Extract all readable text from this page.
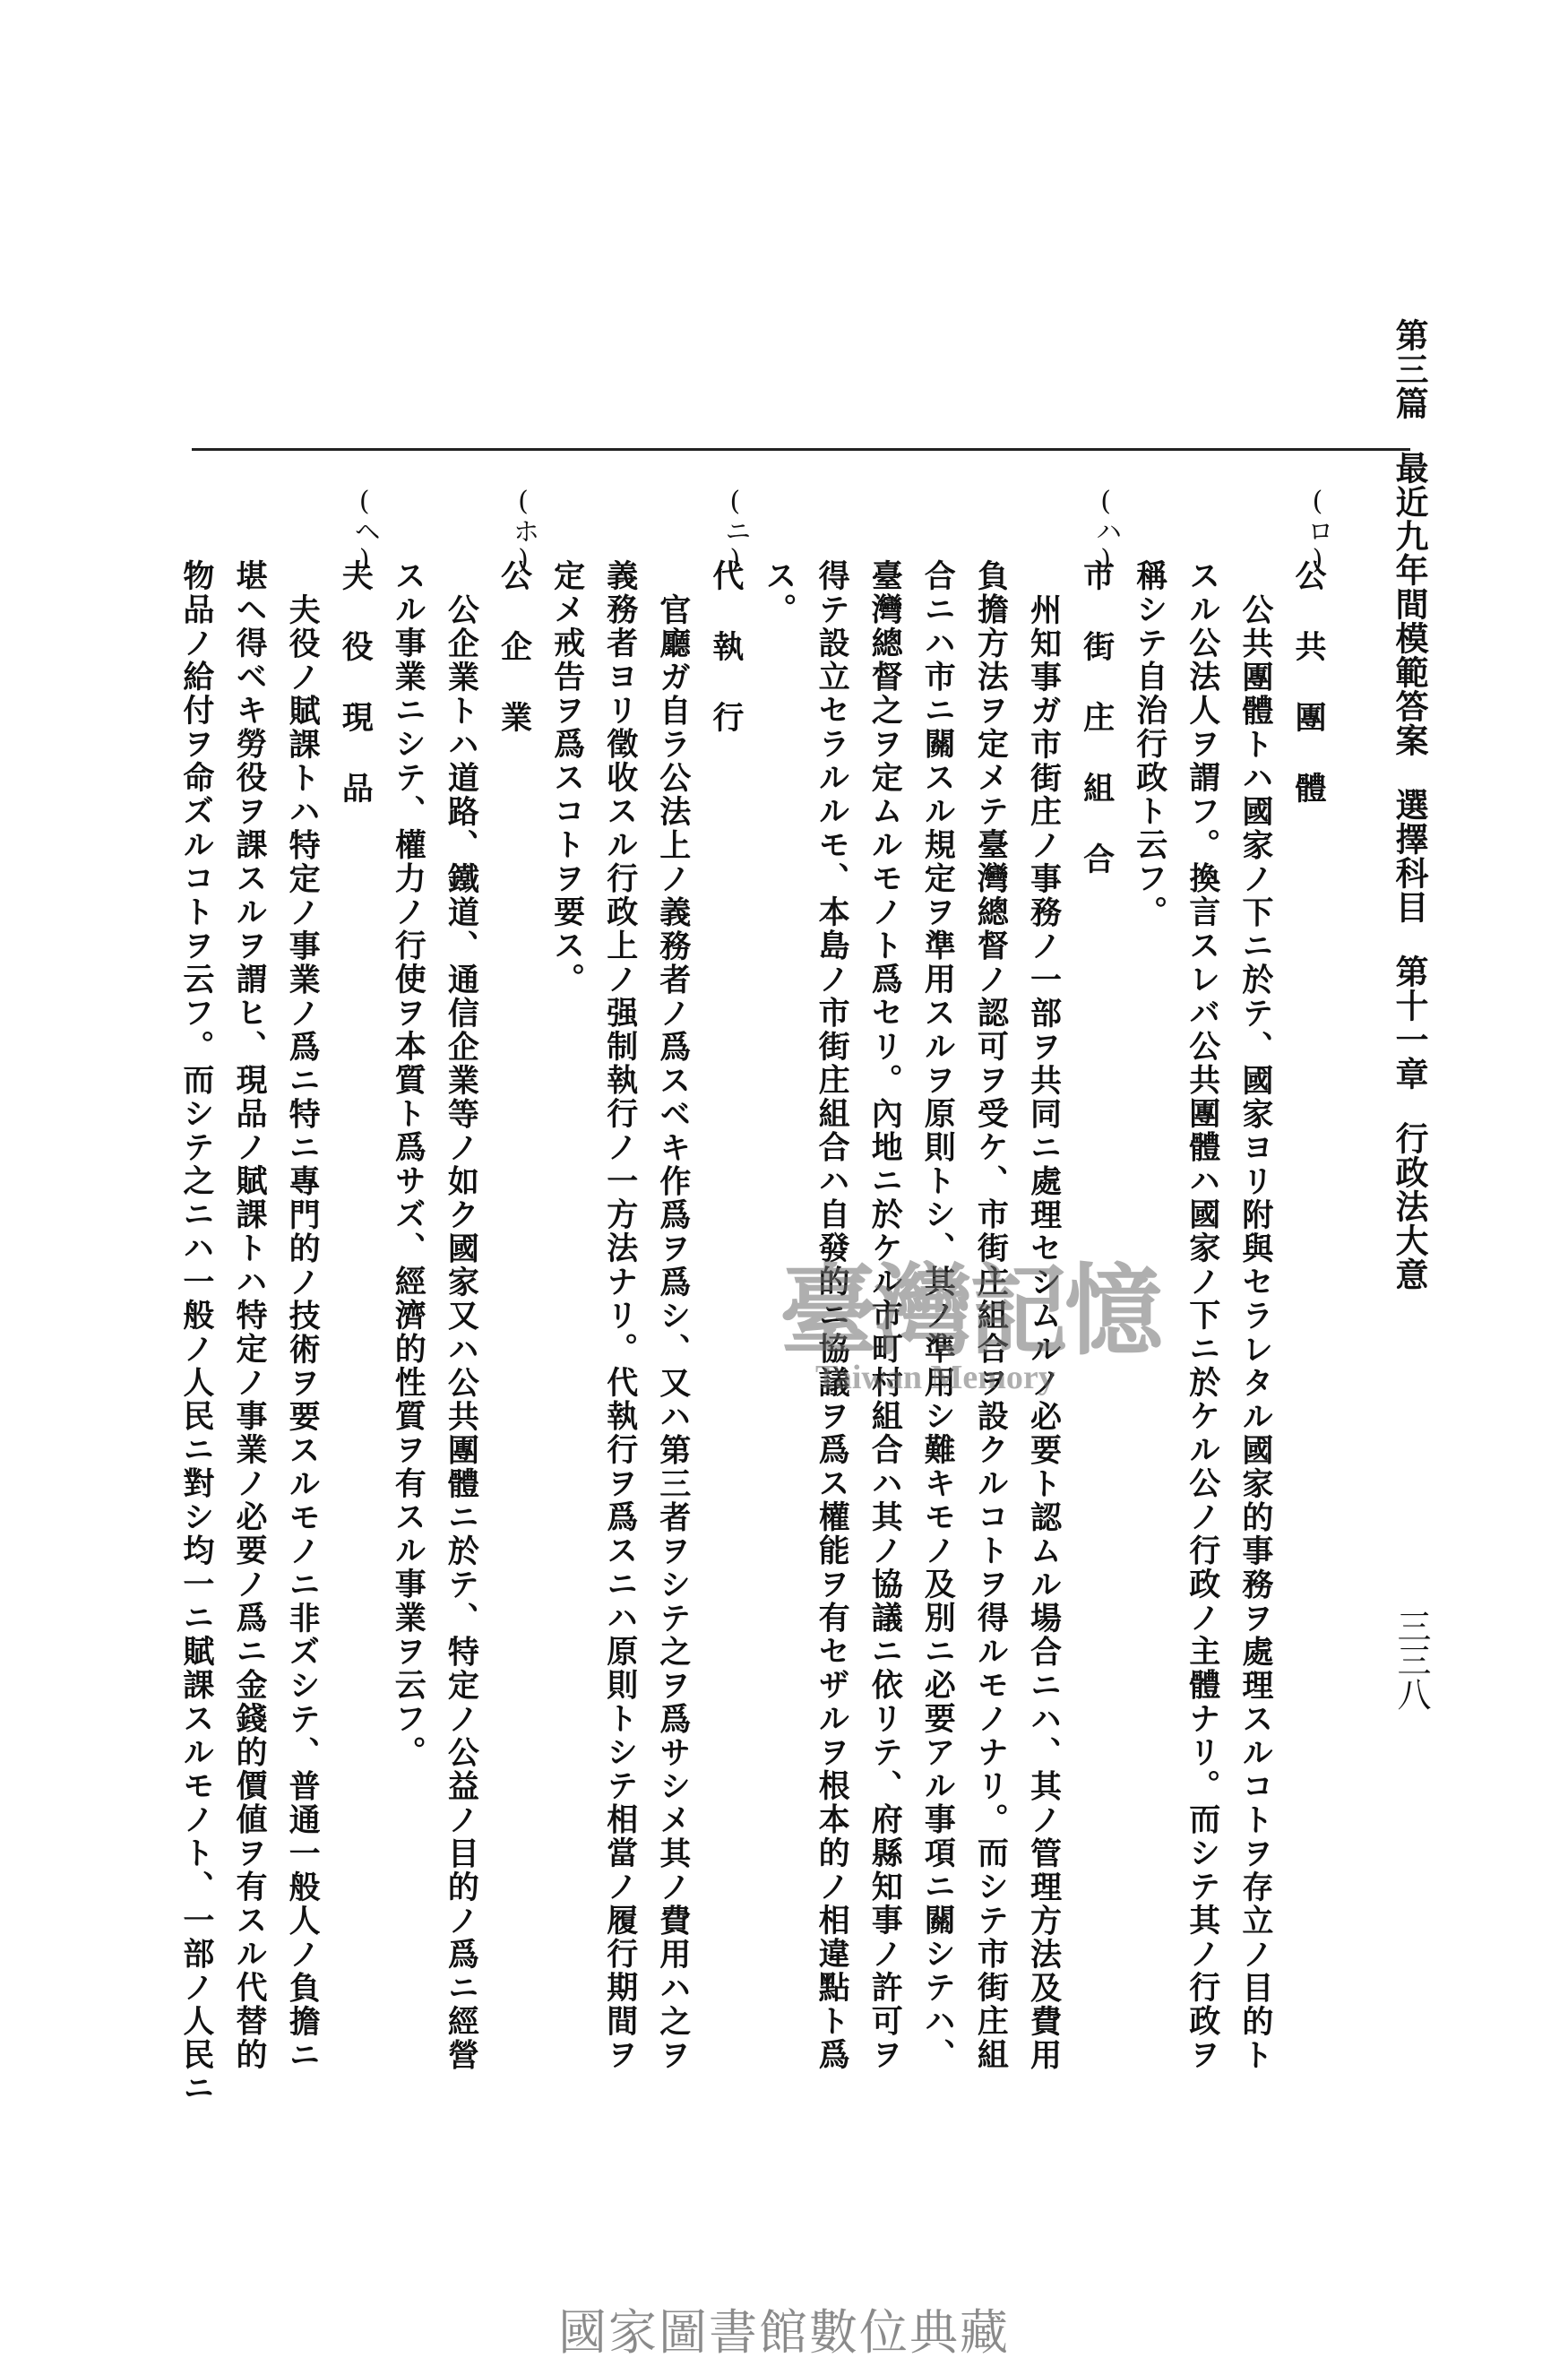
第三篇最近九年間模範答案選擇科目第十一章行政法大意
三三八
(ロ)
公共團體
公共團體トハ國家ノ下ニ於テ、國家ヨリ附與セラレタル國家的事務ヲ處理スルコトヲ存立ノ目的ト
スル公法人ヲ謂フ。換言スレバ公共團體ハ國家ノ下ニ於ケル公ノ行政ノ主體ナリ。而シテ其ノ行政ヲ
稱シテ自治行政ト云フ。
(ハ)
市街庄組合
州知事ガ市街庄ノ事務ノ一部ヲ共同ニ處理セシムルノ必要ト認ムル場合ニハ、其ノ管理方法及費用
負擔方法ヲ定メテ臺灣總督ノ認可ヲ受ケ、市街庄組合ヲ設クルコトヲ得ルモノナリ。而シテ市街庄組
合ニハ市ニ關スル規定ヲ準用スルヲ原則トシ、其ノ準用シ難キモノ及別ニ必要アル事項ニ關シテハ、
臺灣總督之ヲ定ムルモノト爲セリ。內地ニ於ケル市町村組合ハ其ノ協議ニ依リテ、府縣知事ノ許可ヲ
得テ設立セラルルモ、本島ノ市街庄組合ハ自發的ニ協議ヲ爲ス權能ヲ有セザルヲ根本的ノ相違點ト爲
ス。
(ニ)
代執行
官廳ガ自ラ公法上ノ義務者ノ爲スベキ作爲ヲ爲シ、又ハ第三者ヲシテ之ヲ爲サシメ其ノ費用ハ之ヲ
義務者ヨリ徵收スル行政上ノ强制執行ノ一方法ナリ。代執行ヲ爲スニハ原則トシテ相當ノ履行期間ヲ
定メ戒告ヲ爲スコトヲ要ス。
(ホ)
公企業
公企業トハ道路、鐵道、通信企業等ノ如ク國家又ハ公共團體ニ於テ、特定ノ公益ノ目的ノ爲ニ經營
スル事業ニシテ、權力ノ行使ヲ本質ト爲サズ、經濟的性質ヲ有スル事業ヲ云フ。
(ヘ)
夫役現品
夫役ノ賦課トハ特定ノ事業ノ爲ニ特ニ專門的ノ技術ヲ要スルモノニ非ズシテ、普通一般人ノ負擔ニ
堪ヘ得ベキ勞役ヲ課スルヲ謂ヒ、現品ノ賦課トハ特定ノ事業ノ必要ノ爲ニ金錢的價値ヲ有スル代替的
物品ノ給付ヲ命ズルコトヲ云フ。而シテ之ニハ一般ノ人民ニ對シ均一ニ賦課スルモノト、一部ノ人民ニ	臺灣記憶
Taiwan Memory
國家圖書館數位典藏
